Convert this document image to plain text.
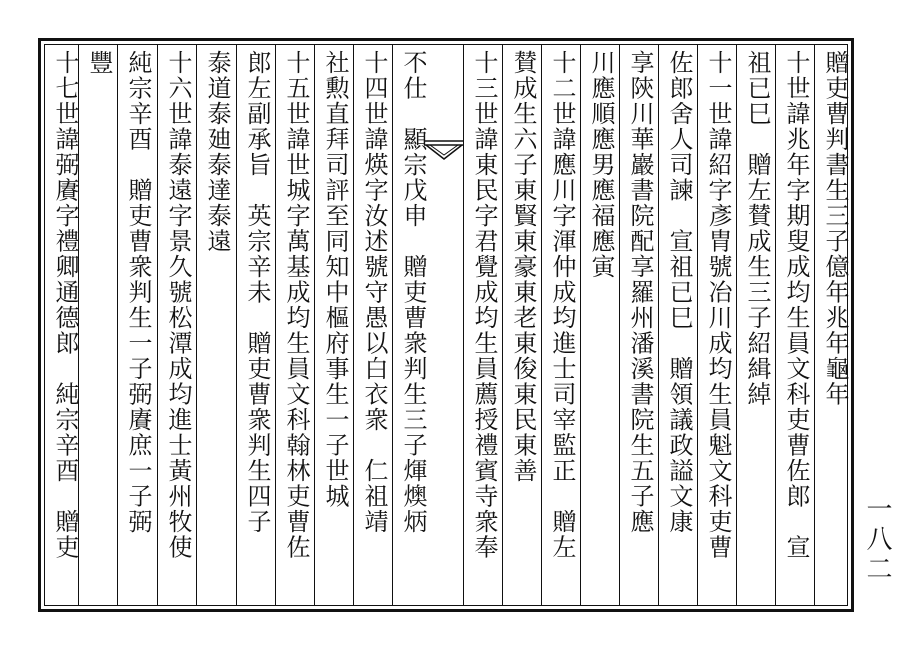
贈吏曹判書生三子億年兆年龜年
十世諱兆年字期叟成均生員文科吏曹佐郎　宣
祖已巳　贈左賛成生三子紹緝綽
十一世諱紹字彥胄號冶川成均生員魁文科吏曹
佐郎舍人司諫　宣祖已巳　贈領議政謚文康
享陝川華巖書院配享羅州潘溪書院生五子應
川應順應男應福應寅
十二世諱應川字渾仲成均進士司宰監正　贈左
賛成生六子東賢東豪東老東俊東民東善
十三世諱東民字君覺成均生員薦授禮賓寺衆奉
不仕　顯宗戊申　贈吏曹衆判生三子煇燠炳
十四世諱煐字汝述號守愚以白衣衆　仁祖靖
社勲直拜司評至同知中樞府事生一子世城
十五世諱世城字萬基成均生員文科翰林吏曹佐
郎左副承旨　英宗辛未　贈吏曹衆判生四子
泰道泰廸泰達泰遠
十六世諱泰遠字景久號松潭成均進士黃州牧使
純宗辛酉　贈吏曹衆判生一子弼賡庶一子弼
豐
十七世諱弼賡字禮卿通德郎　純宗辛酉　贈吏	一八二
